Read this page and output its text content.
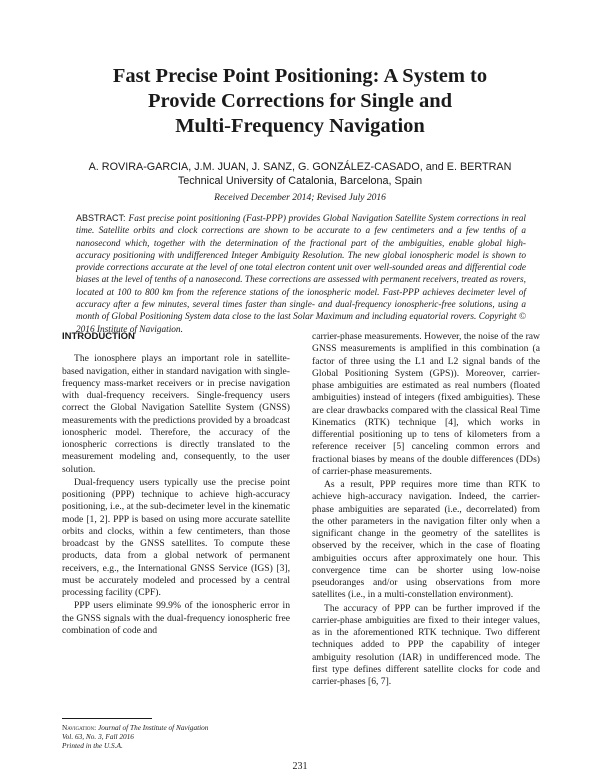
Fast Precise Point Positioning: A System to
Provide Corrections for Single and
Multi-Frequency Navigation
A. ROVIRA-GARCIA, J.M. JUAN, J. SANZ, G. GONZÁLEZ-CASADO, and E. BERTRAN
Technical University of Catalonia, Barcelona, Spain
Received December 2014; Revised July 2016
ABSTRACT: Fast precise point positioning (Fast-PPP) provides Global Navigation Satellite System corrections in real time. Satellite orbits and clock corrections are shown to be accurate to a few centimeters and a few tenths of a nanosecond which, together with the determination of the fractional part of the ambiguities, enable global high-accuracy positioning with undifferenced Integer Ambiguity Resolution. The new global ionospheric model is shown to provide corrections accurate at the level of one total electron content unit over well-sounded areas and differential code biases at the level of tenths of a nanosecond. These corrections are assessed with permanent receivers, treated as rovers, located at 100 to 800 km from the reference stations of the ionospheric model. Fast-PPP achieves decimeter level of accuracy after a few minutes, several times faster than single- and dual-frequency ionospheric-free solutions, using a month of Global Positioning System data close to the last Solar Maximum and including equatorial rovers. Copyright © 2016 Institute of Navigation.

INTRODUCTION

The ionosphere plays an important role in satellite-based navigation, either in standard navigation with single-frequency mass-market receivers or in precise navigation with dual-frequency receivers. Single-frequency users correct the Global Navigation Satellite System (GNSS) measurements with the predictions provided by a broadcast ionospheric model. Therefore, the accuracy of the ionospheric corrections is directly translated to the measurement modeling and, consequently, to the user solution.

Dual-frequency users typically use the precise point positioning (PPP) technique to achieve high-accuracy positioning, i.e., at the sub-decimeter level in the kinematic mode [1, 2]. PPP is based on using more accurate satellite orbits and clocks, within a few centimeters, than those broadcast by the GNSS satellites. To compute these products, data from a global network of permanent receivers, e.g., the International GNSS Service (IGS) [3], must be accurately modeled and processed by a central processing facility (CPF).

PPP users eliminate 99.9% of the ionospheric error in the GNSS signals with the dual-frequency ionospheric free combination of code and

carrier-phase measurements. However, the noise of the raw GNSS measurements is amplified in this combination (a factor of three using the L1 and L2 signal bands of the Global Positioning System (GPS)). Moreover, carrier-phase ambiguities are estimated as real numbers (floated ambiguities) instead of integers (fixed ambiguities). These are clear drawbacks compared with the classical Real Time Kinematics (RTK) technique [4], which works in differential positioning up to tens of kilometers from a reference receiver [5] canceling common errors and fractional biases by means of the double differences (DDs) of carrier-phase measurements.

As a result, PPP requires more time than RTK to achieve high-accuracy navigation. Indeed, the carrier-phase ambiguities are separated (i.e., decorrelated) from the other parameters in the navigation filter only when a significant change in the geometry of the satellites is observed by the receiver, which in the case of floating ambiguities occurs after approximately one hour. This convergence time can be shorter using low-noise pseudoranges and/or using observations from more satellites (i.e., in a multi-constellation environment).

The accuracy of PPP can be further improved if the carrier-phase ambiguities are fixed to their integer values, as in the aforementioned RTK technique. Two different techniques added to PPP the capability of integer ambiguity resolution (IAR) in undifferenced mode. The first type defines different satellite clocks for code and carrier-phases [6, 7].

Navigation: Journal of The Institute of Navigation
Vol. 63, No. 3, Fall 2016
Printed in the U.S.A.
231
